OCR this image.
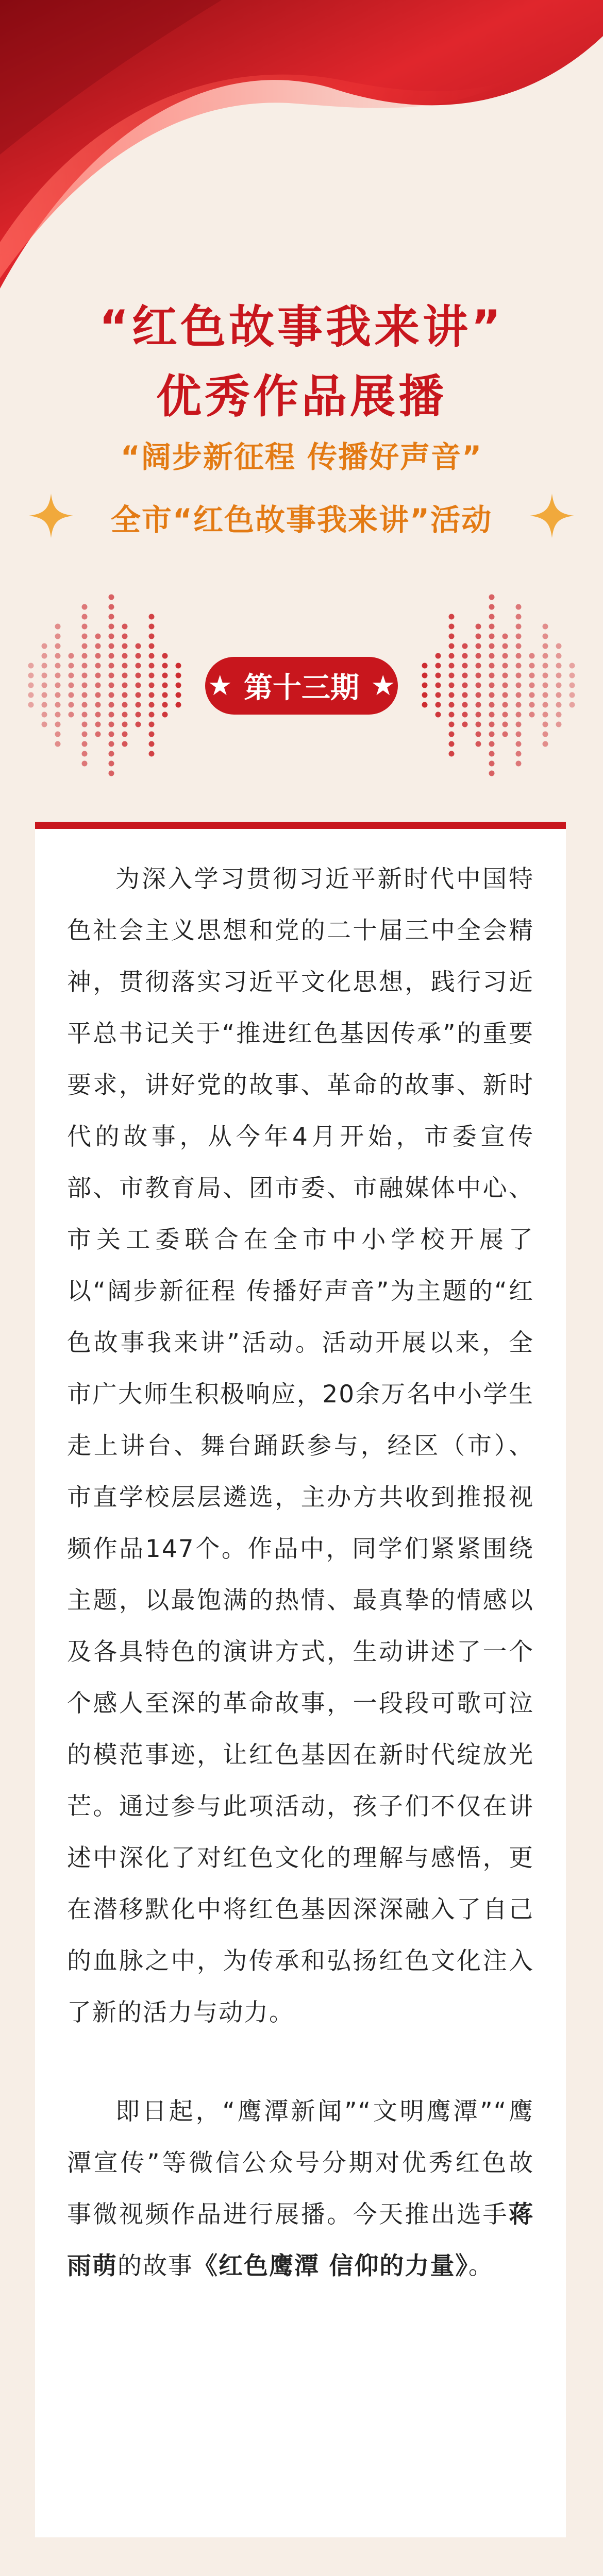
“红色故事我来讲”
优秀作品展播
“阔步新征程 传播好声音”
全市“红色故事我来讲”活动
★ 第十三期 ★

为深入学习贯彻习近平新时代中国特色社会主义思想和党的二十届三中全会精神，贯彻落实习近平文化思想，践行习近平总书记关于“推进红色基因传承”的重要要求，讲好党的故事、革命的故事、新时代的故事，从今年4月开始，市委宣传部、市教育局、团市委、市融媒体中心、市关工委联合在全市中小学校开展了以“阔步新征程 传播好声音”为主题的“红色故事我来讲”活动。活动开展以来，全市广大师生积极响应，20余万名中小学生走上讲台、舞台踊跃参与，经区（市）、市直学校层层遴选，主办方共收到推报视频作品147个。作品中，同学们紧紧围绕主题，以最饱满的热情、最真挚的情感以及各具特色的演讲方式，生动讲述了一个个感人至深的革命故事，一段段可歌可泣的模范事迹，让红色基因在新时代绽放光芒。通过参与此项活动，孩子们不仅在讲述中深化了对红色文化的理解与感悟，更在潜移默化中将红色基因深深融入了自己的血脉之中，为传承和弘扬红色文化注入了新的活力与动力。

即日起，“鹰潭新闻”“文明鹰潭”“鹰潭宣传”等微信公众号分期对优秀红色故事微视频作品进行展播。今天推出选手蒋雨萌的故事《红色鹰潭 信仰的力量》。
